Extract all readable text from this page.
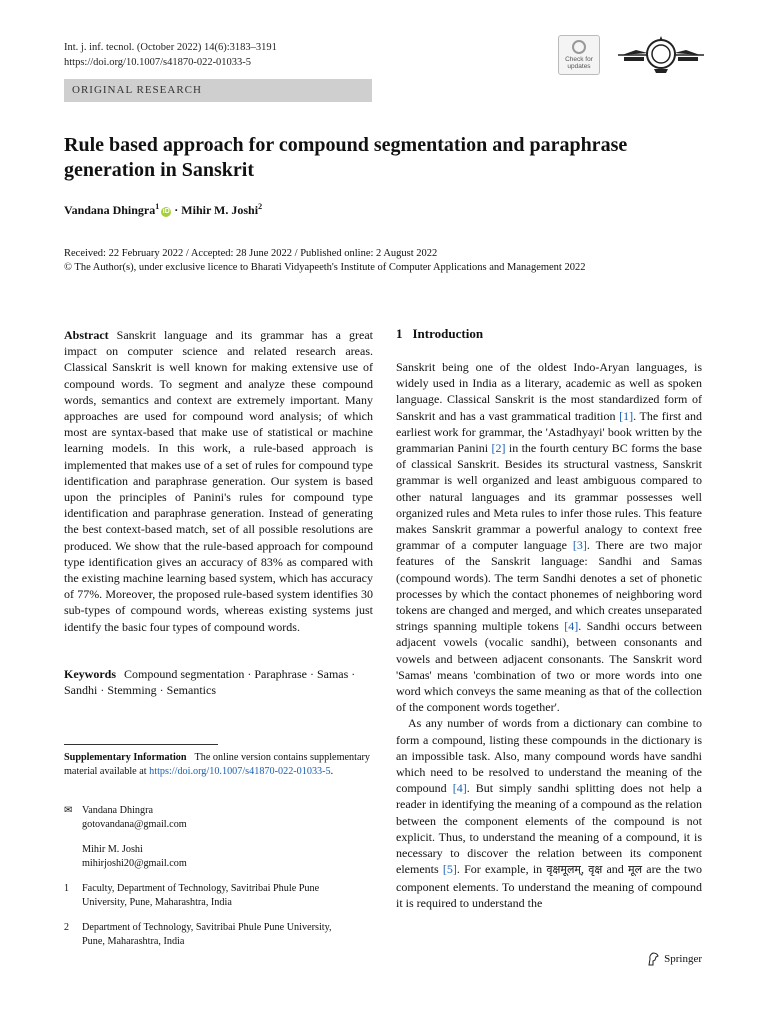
Int. j. inf. tecnol. (October 2022) 14(6):3183–3191
https://doi.org/10.1007/s41870-022-01033-5	Check for
updates
ORIGINAL RESEARCH
Rule based approach for compound segmentation and paraphrase generation in Sanskrit
Vandana Dhingra$^1$iD · Mihir M. Joshi$^2$
Received: 22 February 2022 / Accepted: 28 June 2022 / Published online: 2 August 2022
© The Author(s), under exclusive licence to Bharati Vidyapeeth's Institute of Computer Applications and Management 2022
Abstract Sanskrit language and its grammar has a great impact on computer science and related research areas. Classical Sanskrit is well known for making extensive use of compound words. To segment and analyze these compound words, semantics and context are extremely important. Many approaches are used for compound word analysis; of which most are syntax-based that make use of statistical or machine learning models. In this work, a rule-based approach is implemented that makes use of a set of rules for compound type identification and paraphrase generation. Our system is based upon the principles of Panini's rules for compound type identification and paraphrase generation. Instead of generating the best context-based match, set of all possible resolutions are produced. We show that the rule-based approach for compound type identification gives an accuracy of 83% as compared with the existing machine learning based system, which has accuracy of 77%. Moreover, the proposed rule-based system identifies 30 sub-types of compound words, whereas existing systems just identify the basic four types of compound words.
Keywords Compound segmentation · Paraphrase · Samas · Sandhi · Stemming · Semantics
Supplementary Information The online version contains supplementary material available at https://doi.org/10.1007/s41870-022-01033-5.
✉ Vandana Dhingra
gotovandana@gmail.com
Mihir M. Joshi
mihirjoshi20@gmail.com
1	Faculty, Department of Technology, Savitribai Phule Pune
University, Pune, Maharashtra, India
2	Department of Technology, Savitribai Phule Pune University,
Pune, Maharashtra, India
1 Introduction

Sanskrit being one of the oldest Indo-Aryan languages, is widely used in India as a literary, academic as well as spoken language. Classical Sanskrit is the most standardized form of Sanskrit and has a vast grammatical tradition [1]. The first and earliest work for grammar, the 'Astadhyayi' book written by the grammarian Panini [2] in the fourth century BC forms the base of classical Sanskrit. Besides its structural vastness, Sanskrit grammar is well organized and least ambiguous compared to other natural languages and its grammar possesses well organized rules and Meta rules to infer those rules. This feature makes Sanskrit grammar a powerful analogy to context free grammar of a computer language [3]. There are two major features of the Sanskrit language: Sandhi and Samas (compound words). The term Sandhi denotes a set of phonetic processes by which the contact phonemes of neighboring word tokens are changed and merged, and which creates unseparated strings spanning multiple tokens [4]. Sandhi occurs between adjacent vowels (vocalic sandhi), between consonants and vowels and between adjacent consonants. The Sanskrit word 'Samas' means 'combination of two or more words into one word which conveys the same meaning as that of the collection of the component words together'.

As any number of words from a dictionary can combine to form a compound, listing these compounds in the dictionary is an impossible task. Also, many compound words have sandhi which need to be resolved to understand the meaning of the compound [4]. But simply sandhi splitting does not help a reader in identifying the meaning of a compound as the relation between the component elements of the compound is not explicit. Thus, to understand the meaning of a compound, it is necessary to discover the relation between its component elements [5]. For example, in वृक्षमूलम्, वृक्ष and मूल are the two component elements. To understand the meaning of compound it is required to understand the

Springer
